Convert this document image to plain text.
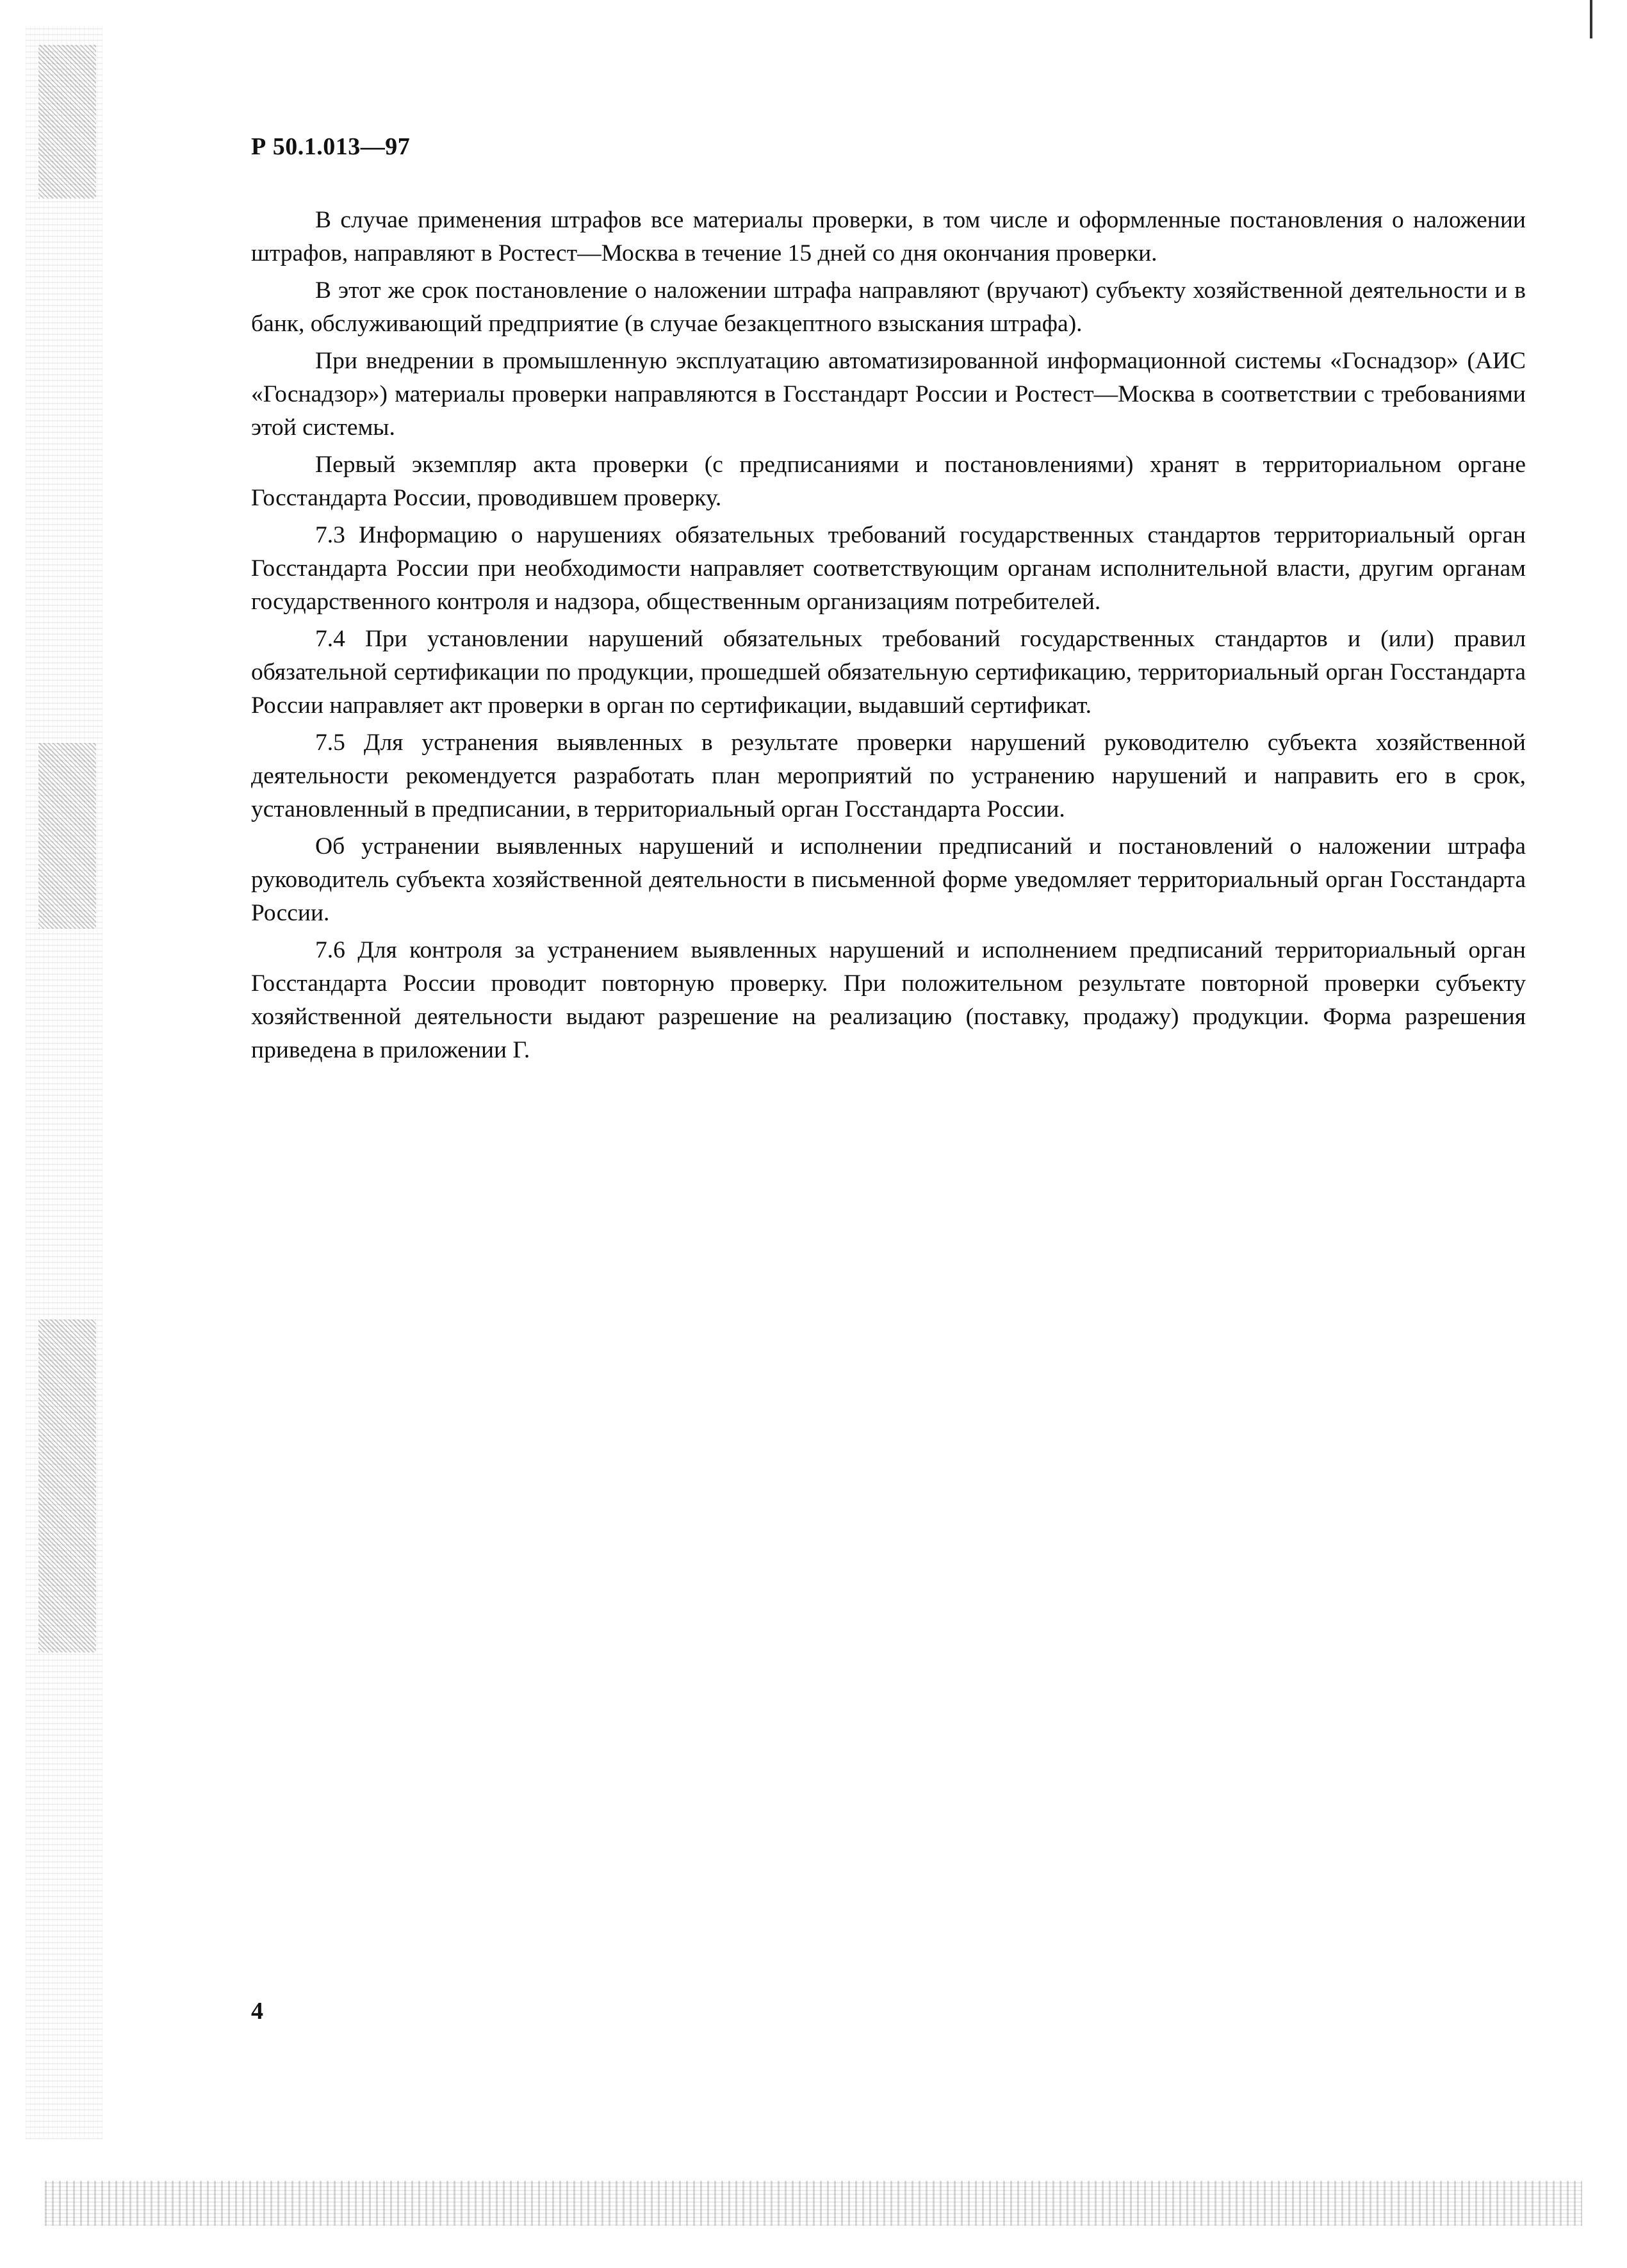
Р 50.1.013—97

В случае применения штрафов все материалы проверки, в том числе и оформленные постановления о наложении штрафов, направляют в Ростест—Москва в течение 15 дней со дня окончания проверки.

В этот же срок постановление о наложении штрафа направляют (вручают) субъекту хозяйственной деятельности и в банк, обслуживающий предприятие (в случае безакцептного взыскания штрафа).

При внедрении в промышленную эксплуатацию автоматизированной информационной системы «Госнадзор» (АИС «Госнадзор») материалы проверки направляются в Госстандарт России и Ростест—Москва в соответствии с требованиями этой системы.

Первый экземпляр акта проверки (с предписаниями и постановлениями) хранят в территориальном органе Госстандарта России, проводившем проверку.

7.3 Информацию о нарушениях обязательных требований государственных стандартов территориальный орган Госстандарта России при необходимости направляет соответствующим органам исполнительной власти, другим органам государственного контроля и надзора, общественным организациям потребителей.

7.4 При установлении нарушений обязательных требований государственных стандартов и (или) правил обязательной сертификации по продукции, прошедшей обязательную сертификацию, территориальный орган Госстандарта России направляет акт проверки в орган по сертификации, выдавший сертификат.

7.5 Для устранения выявленных в результате проверки нарушений руководителю субъекта хозяйственной деятельности рекомендуется разработать план мероприятий по устранению нарушений и направить его в срок, установленный в предписании, в территориальный орган Госстандарта России.

Об устранении выявленных нарушений и исполнении предписаний и постановлений о наложении штрафа руководитель субъекта хозяйственной деятельности в письменной форме уведомляет территориальный орган Госстандарта России.

7.6 Для контроля за устранением выявленных нарушений и исполнением предписаний территориальный орган Госстандарта России проводит повторную проверку. При положительном результате повторной проверки субъекту хозяйственной деятельности выдают разрешение на реализацию (поставку, продажу) продукции. Форма разрешения приведена в приложении Г.

4
